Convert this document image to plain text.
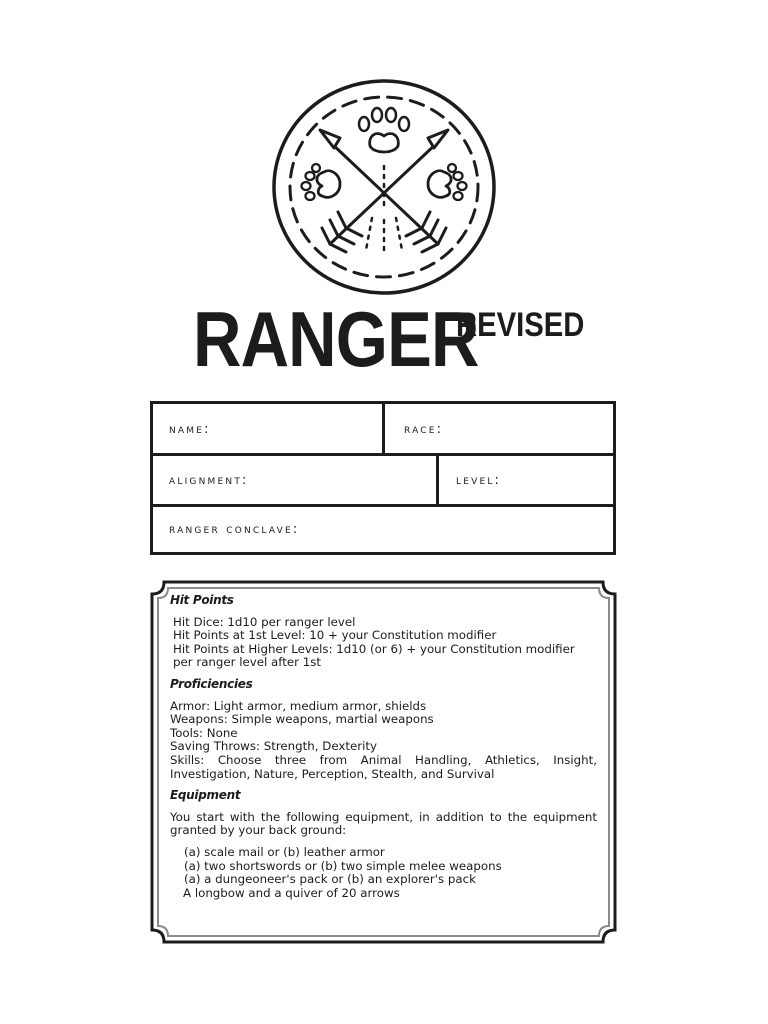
RANGER
REVISED
name:	race:
alignment:	level:
ranger conclave:
Hit Points
Hit Dice: 1d10 per ranger level
Hit Points at 1st Level: 10 + your Constitution modifier
Hit Points at Higher Levels: 1d10 (or 6) + your Constitution modifier per ranger level after 1st
Proficiencies
Armor: Light armor, medium armor, shields
Weapons: Simple weapons, martial weapons
Tools: None
Saving Throws: Strength, Dexterity
Skills: Choose three from Animal Handling, Athletics, Insight, Investigation, Nature, Perception, Stealth, and Survival
Equipment
You start with the following equipment, in addition to the equipment granted by your back ground:
(a) scale mail or (b) leather armor
(a) two shortswords or (b) two simple melee weapons
(a) a dungeoneer's pack or (b) an explorer's pack
A longbow and a quiver of 20 arrows
